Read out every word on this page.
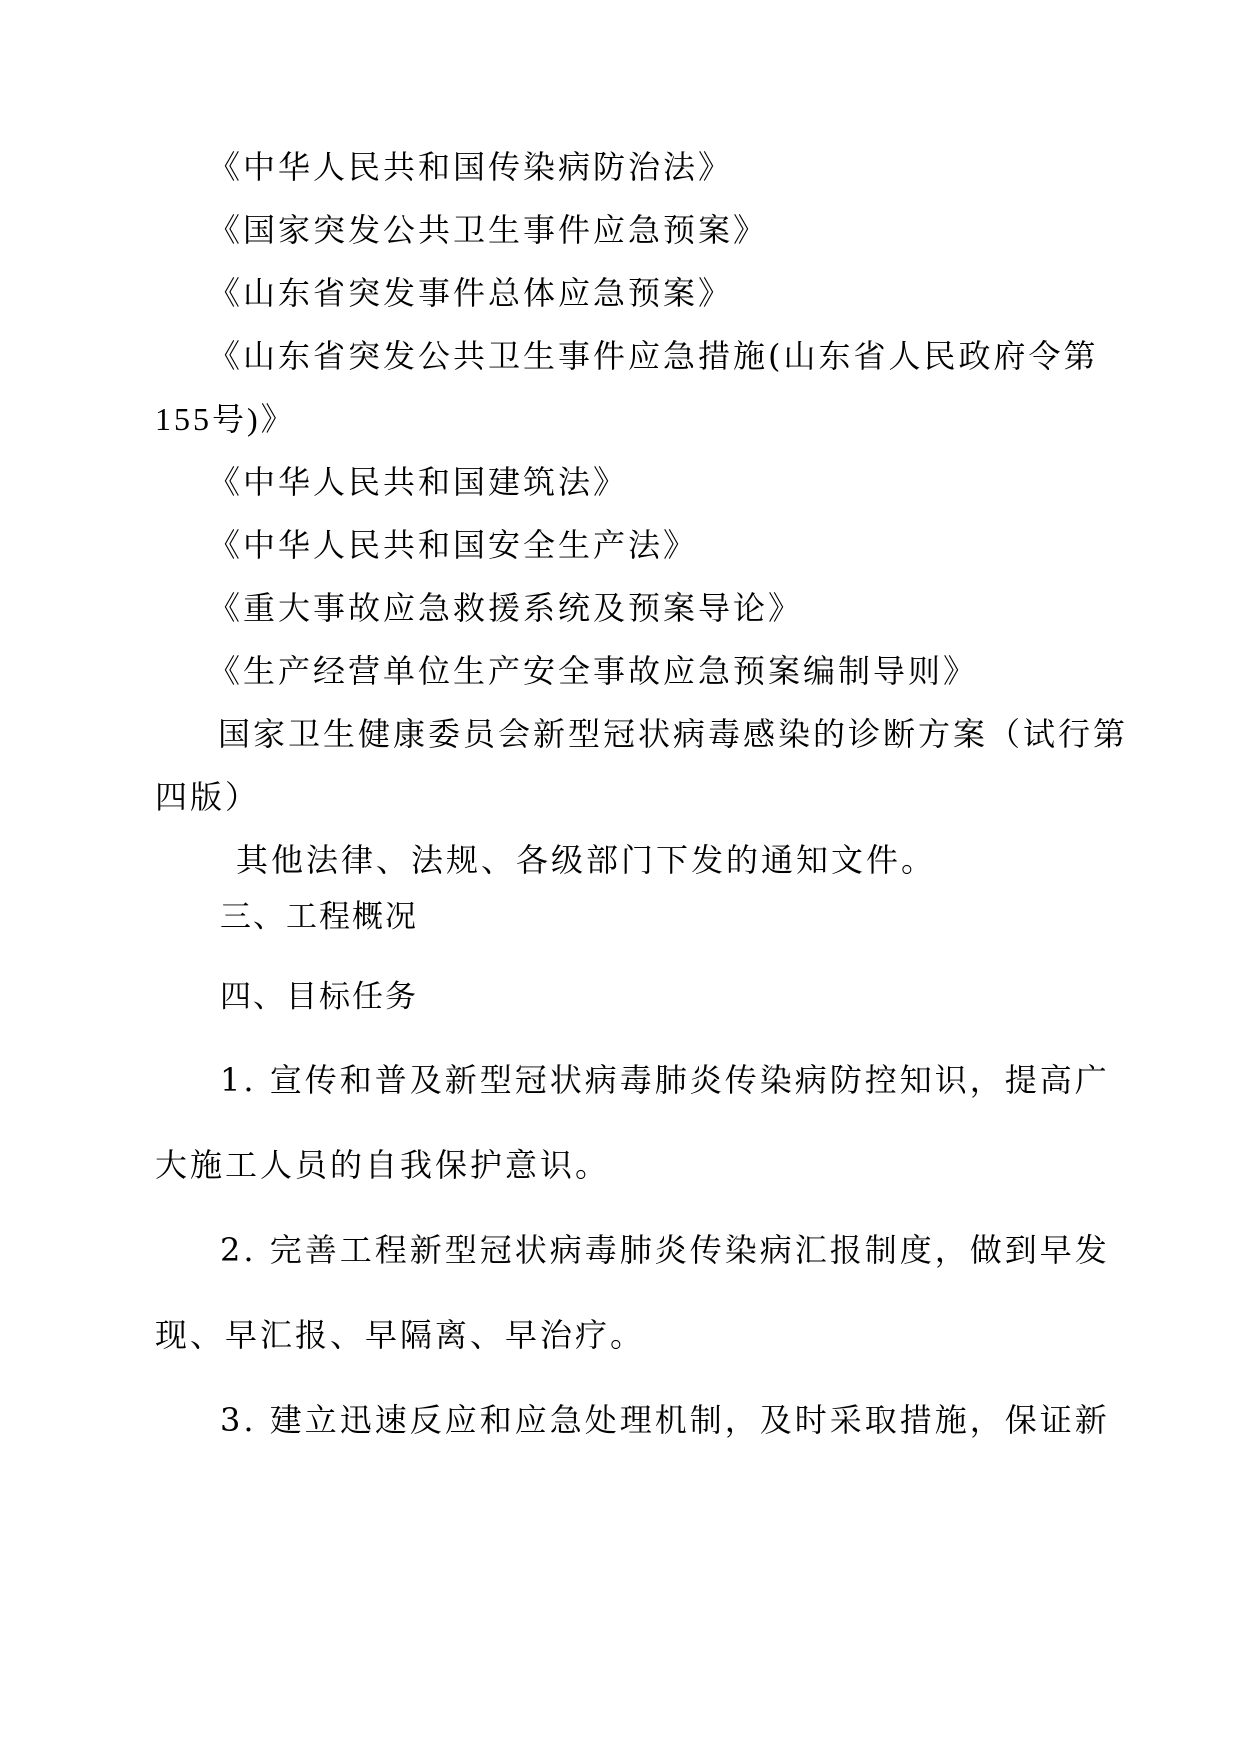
《中华人民共和国传染病防治法》
《国家突发公共卫生事件应急预案》
《山东省突发事件总体应急预案》
《山东省突发公共卫生事件应急措施(山东省人民政府令第
155号)》
《中华人民共和国建筑法》
《中华人民共和国安全生产法》
《重大事故应急救援系统及预案导论》
《生产经营单位生产安全事故应急预案编制导则》
国家卫生健康委员会新型冠状病毒感染的诊断方案（试行第
四版）
其他法律、法规、各级部门下发的通知文件。
三、工程概况
四、目标任务
1. 宣传和普及新型冠状病毒肺炎传染病防控知识，提高广
大施工人员的自我保护意识。
2. 完善工程新型冠状病毒肺炎传染病汇报制度，做到早发
现、早汇报、早隔离、早治疗。
3. 建立迅速反应和应急处理机制，及时采取措施，保证新
